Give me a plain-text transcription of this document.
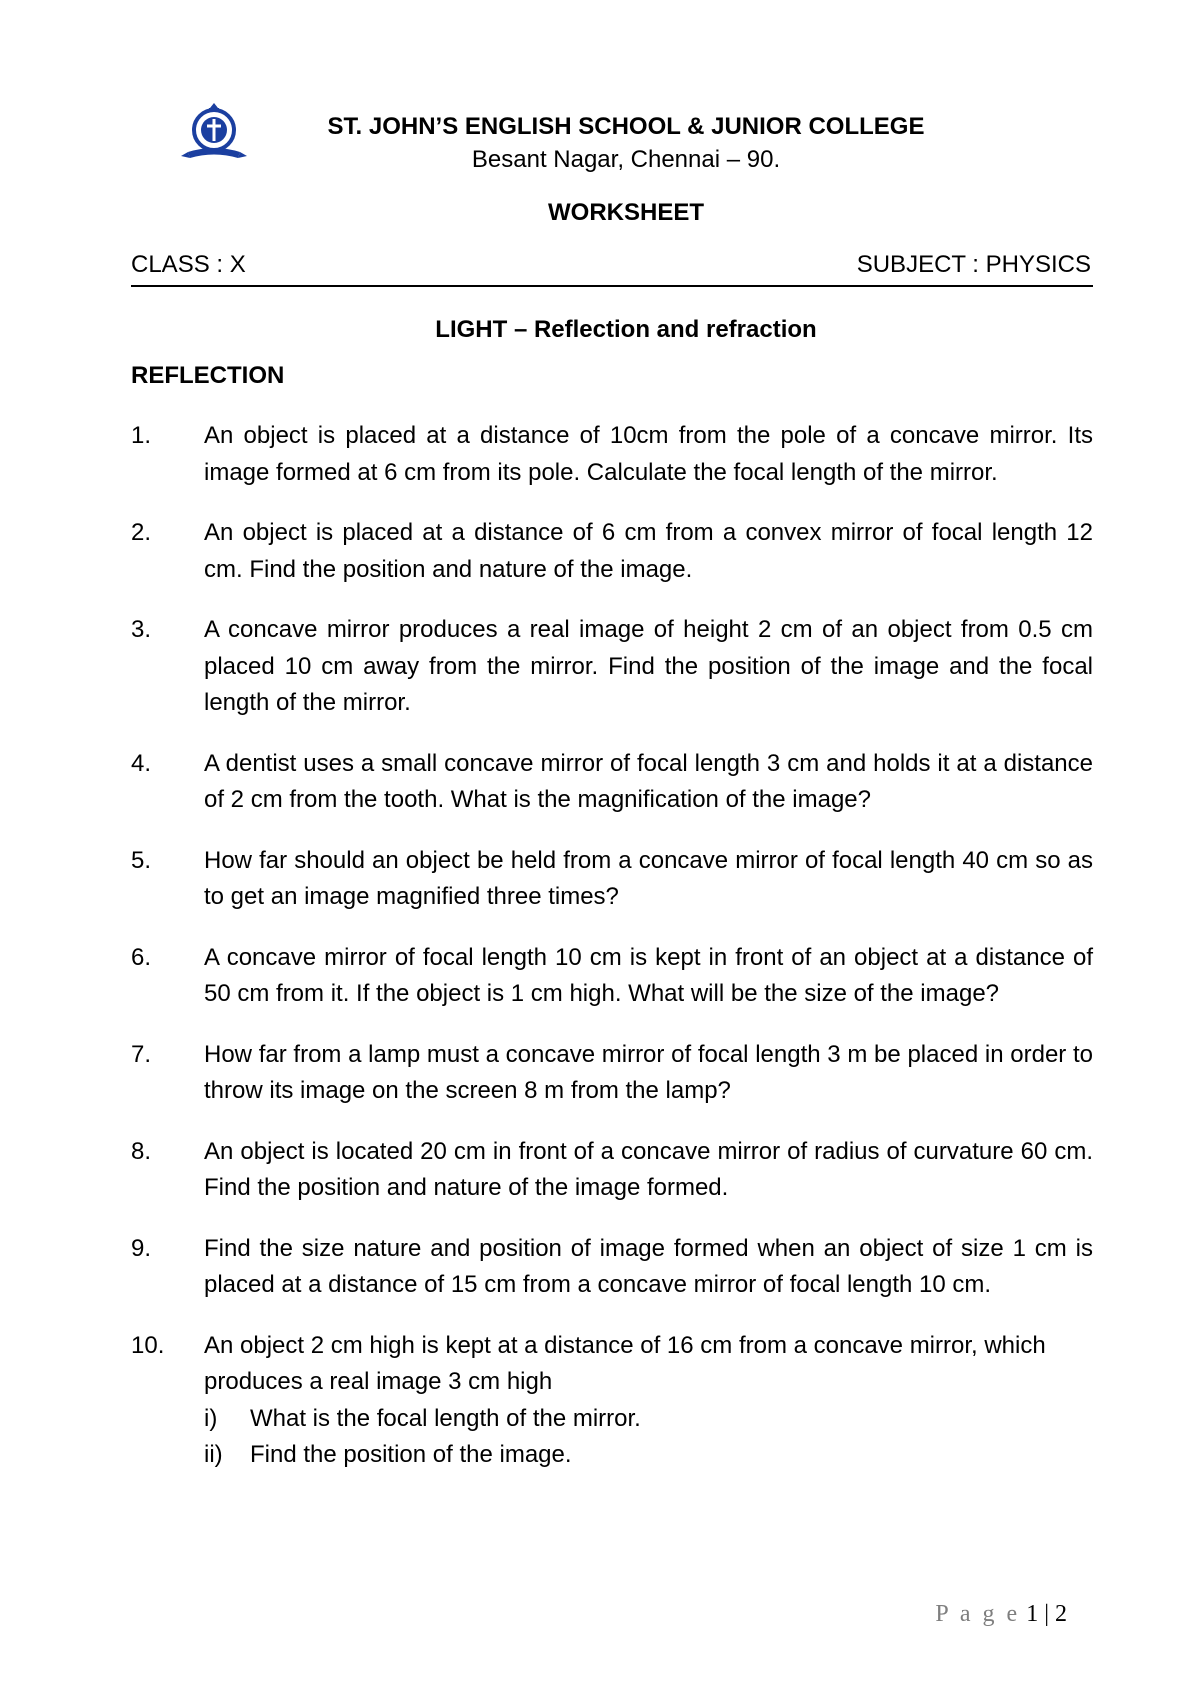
ST. JOHN’S ENGLISH SCHOOL & JUNIOR COLLEGE
Besant Nagar, Chennai – 90.
WORKSHEET
CLASS : X	SUBJECT : PHYSICS
LIGHT – Reflection and refraction
REFLECTION
1.	An object is placed at a distance of 10cm from the pole of a concave mirror. Its image formed at 6 cm from its pole. Calculate the focal length of the mirror.
2.	An object is placed at a distance of 6 cm from a convex mirror of focal length 12 cm. Find the position and nature of the image.
3.	A concave mirror produces a real image of height 2 cm of an object from 0.5 cm placed 10 cm away from the mirror. Find the position of the image and the focal length of the mirror.
4.	A dentist uses a small concave mirror of focal length 3 cm and holds it at a distance of 2 cm from the tooth. What is the magnification of the image?
5.	How far should an object be held from a concave mirror of focal length 40 cm so as to get an image magnified three times?
6.	A concave mirror of focal length 10 cm is kept in front of an object at a distance of 50 cm from it. If the object is 1 cm high. What will be the size of the image?
7.	How far from a lamp must a concave mirror of focal length 3 m be placed in order to throw its image on the screen 8 m from the lamp?
8.	An object is located 20 cm in front of a concave mirror of radius of curvature 60 cm. Find the position and nature of the image formed.
9.	Find the size nature and position of image formed when an object of size 1 cm is placed at a distance of 15 cm from a concave mirror of focal length 10 cm.
10.	An object 2 cm high is kept at a distance of 16 cm from a concave mirror, which produces a real image 3 cm high
i)	What is the focal length of the mirror.
ii)	Find the position of the image.
P a g e 1 | 2
